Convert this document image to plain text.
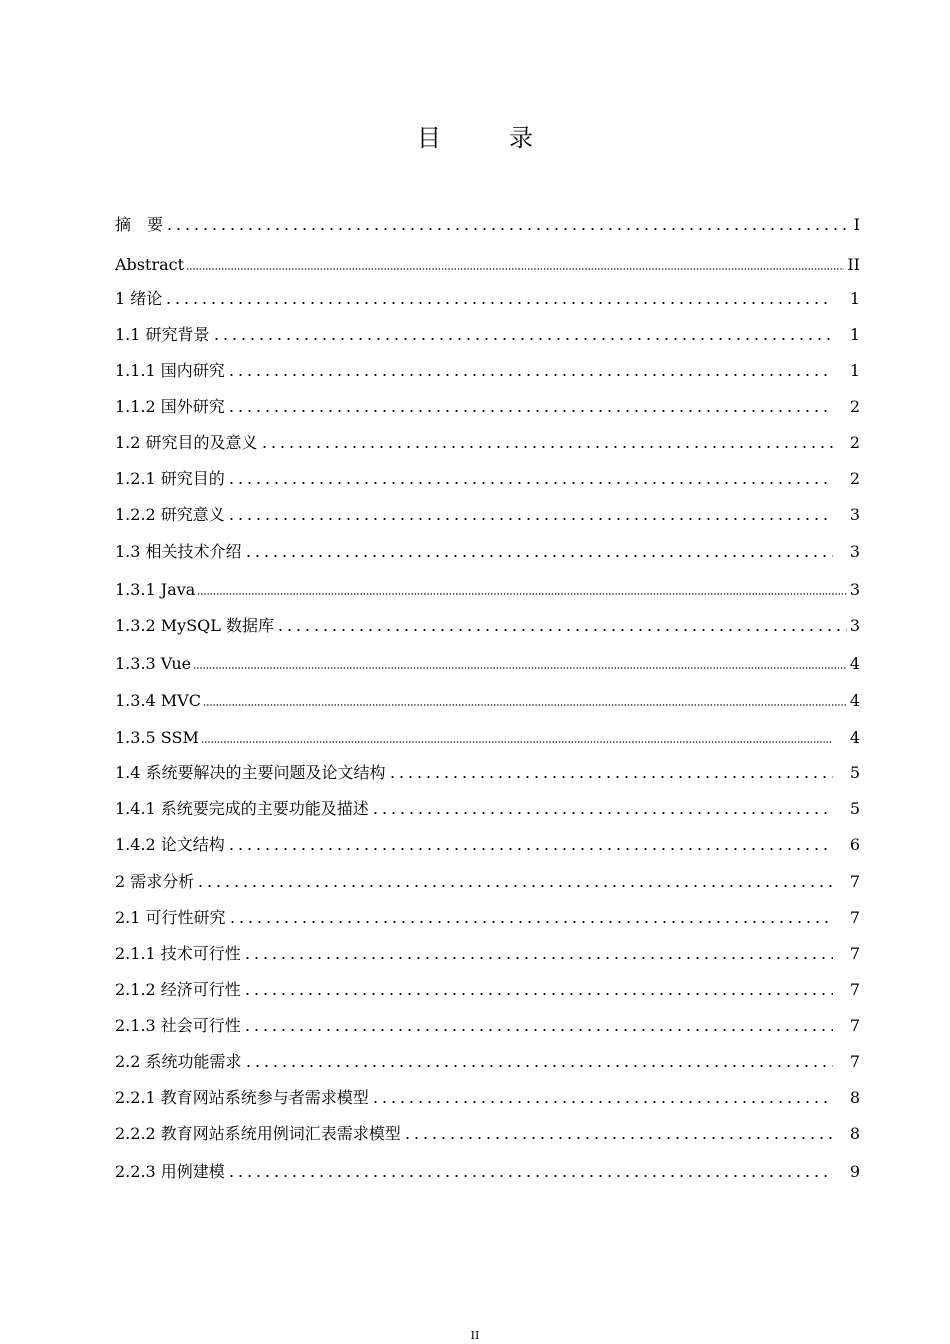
目　录
摘　要	I
Abstract	II
1 绪论	1
1.1 研究背景	1
1.1.1 国内研究	1
1.1.2 国外研究	2
1.2 研究目的及意义	2
1.2.1 研究目的	2
1.2.2 研究意义	3
1.3 相关技术介绍	3
1.3.1 Java	3
1.3.2 MySQL 数据库	3
1.3.3 Vue	4
1.3.4 MVC	4
1.3.5 SSM	4
1.4 系统要解决的主要问题及论文结构	5
1.4.1 系统要完成的主要功能及描述	5
1.4.2 论文结构	6
2 需求分析	7
2.1 可行性研究	7
2.1.1 技术可行性	7
2.1.2 经济可行性	7
2.1.3 社会可行性	7
2.2 系统功能需求	7
2.2.1 教育网站系统参与者需求模型	8
2.2.2 教育网站系统用例词汇表需求模型	8
2.2.3 用例建模	9
II
